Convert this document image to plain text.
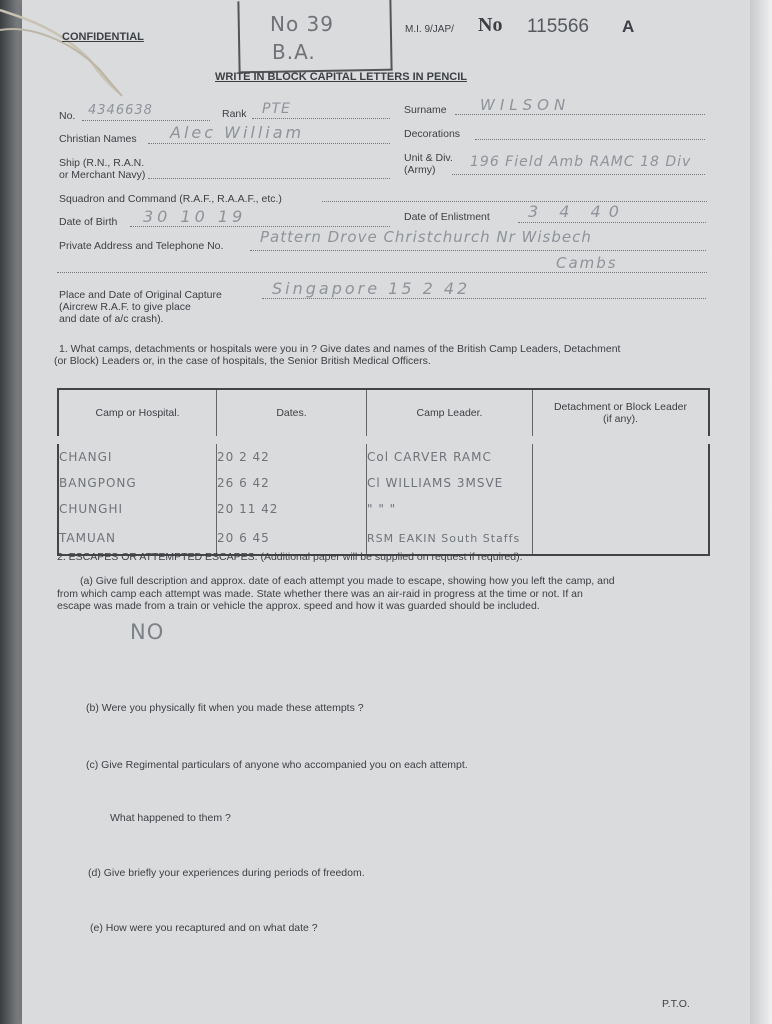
CONFIDENTIAL
No 39
B.A.
M.I. 9/JAP/ No 115566 A
WRITE IN BLOCK CAPITAL LETTERS IN PENCIL
No. 4346638	Rank PTE	Surname WILSON
Christian Names Alec William	Decorations
Ship (R.N., R.A.N.
or Merchant Navy)
Unit & Div.
(Army) 196 Field Amb RAMC 18 Div
Squadron and Command (R.A.F., R.A.A.F., etc.)
Date of Birth 30 10 19	Date of Enlistment 3 4 40
Private Address and Telephone No. Pattern Drove Christchurch Nr Wisbech
Cambs
Place and Date of Original Capture
(Aircrew R.A.F. to give place
and date of a/c crash).
Singapore 15 2 42
1. What camps, detachments or hospitals were you in ? Give dates and names of the British Camp Leaders, Detachment
(or Block) Leaders or, in the case of hospitals, the Senior British Medical Officers.
Camp or Hospital.	Dates.	Camp Leader.	Detachment or Block Leader (if any).
CHANGI	20 2 42	Col CARVER RAMC	
BANGPONG	26 6 42	Cl WILLIAMS 3MSVE	
CHUNGHI	20 11 42	" " "	
TAMUAN	20 6 45	RSM EAKIN South Staffs	
2. ESCAPES OR ATTEMPTED ESCAPES. (Additional paper will be supplied on request if required).
(a) Give full description and approx. date of each attempt you made to escape, showing how you left the camp, and
from which camp each attempt was made. State whether there was an air-raid in progress at the time or not. If an
escape was made from a train or vehicle the approx. speed and how it was guarded should be included.
NO
(b) Were you physically fit when you made these attempts ?
(c) Give Regimental particulars of anyone who accompanied you on each attempt.
What happened to them ?
(d) Give briefly your experiences during periods of freedom.
(e) How were you recaptured and on what date ?
P.T.O.
